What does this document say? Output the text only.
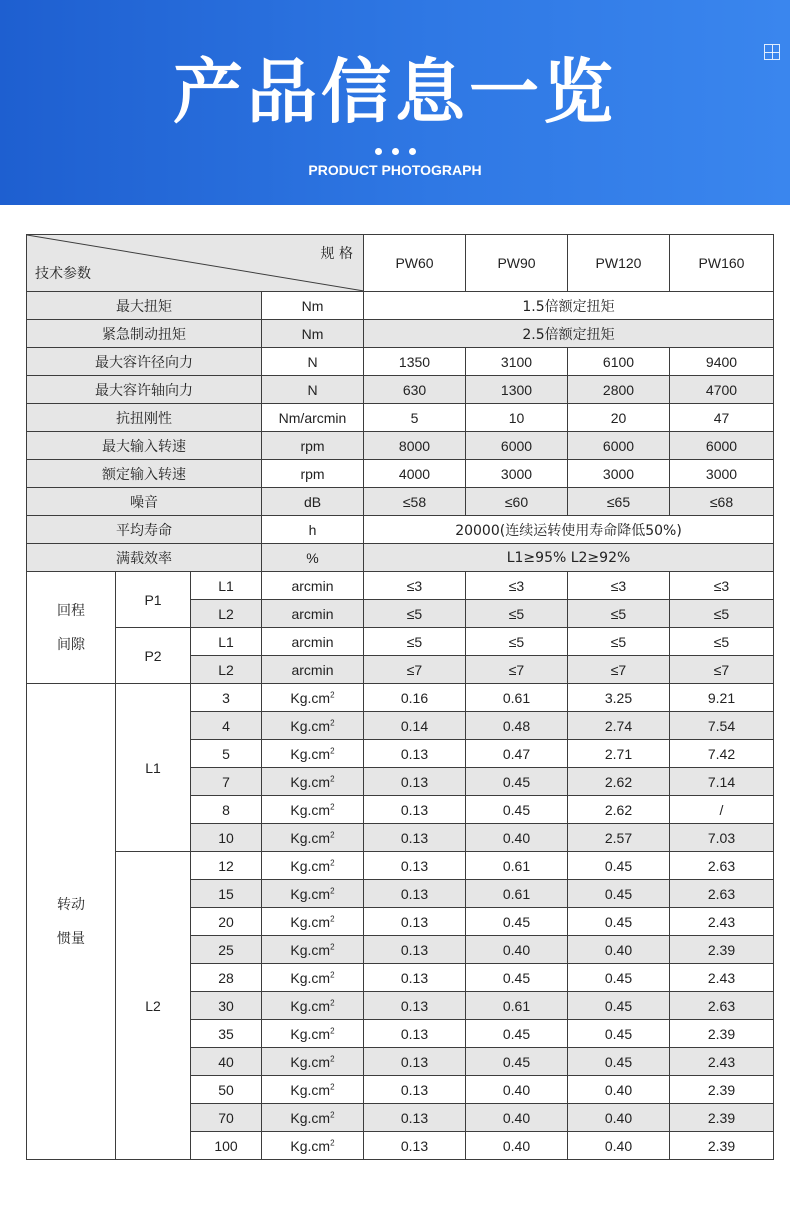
产品信息一览
PRODUCT PHOTOGRAPH
规 格
技术参数				PW60	PW90	PW120	PW160
最大扭矩			Nm	1.5倍额定扭矩			
紧急制动扭矩			Nm	2.5倍额定扭矩			
最大容许径向力			N	1350	3100	6100	9400
最大容许轴向力			N	630	1300	2800	4700
抗扭刚性			Nm/arcmin	5	10	20	47
最大输入转速			rpm	8000	6000	6000	6000
额定输入转速			rpm	4000	3000	3000	3000
噪音			dB	≤58	≤60	≤65	≤68
平均寿命			h	20000(连续运转使用寿命降低50%)			
满载效率			%	L1≥95% L2≥92%			

回程
间隙	P1	L1	arcmin	≤3	≤3	≤3	≤3
		L2	arcmin	≤5	≤5	≤5	≤5
	P2	L1	arcmin	≤5	≤5	≤5	≤5
		L2	arcmin	≤7	≤7	≤7	≤7

转动
惯量	L1	3	$Kg.cm^2$	0.16	0.61	3.25	9.21
		4	$Kg.cm^2$	0.14	0.48	2.74	7.54
		5	$Kg.cm^2$	0.13	0.47	2.71	7.42
		7	$Kg.cm^2$	0.13	0.45	2.62	7.14
		8	$Kg.cm^2$	0.13	0.45	2.62	/
		10	$Kg.cm^2$	0.13	0.40	2.57	7.03
	L2	12	$Kg.cm^2$	0.13	0.61	0.45	2.63
		15	$Kg.cm^2$	0.13	0.61	0.45	2.63
		20	$Kg.cm^2$	0.13	0.45	0.45	2.43
		25	$Kg.cm^2$	0.13	0.40	0.40	2.39
		28	$Kg.cm^2$	0.13	0.45	0.45	2.43
		30	$Kg.cm^2$	0.13	0.61	0.45	2.63
		35	$Kg.cm^2$	0.13	0.45	0.45	2.39
		40	$Kg.cm^2$	0.13	0.45	0.45	2.43
		50	$Kg.cm^2$	0.13	0.40	0.40	2.39
		70	$Kg.cm^2$	0.13	0.40	0.40	2.39
		100	$Kg.cm^2$	0.13	0.40	0.40	2.39
